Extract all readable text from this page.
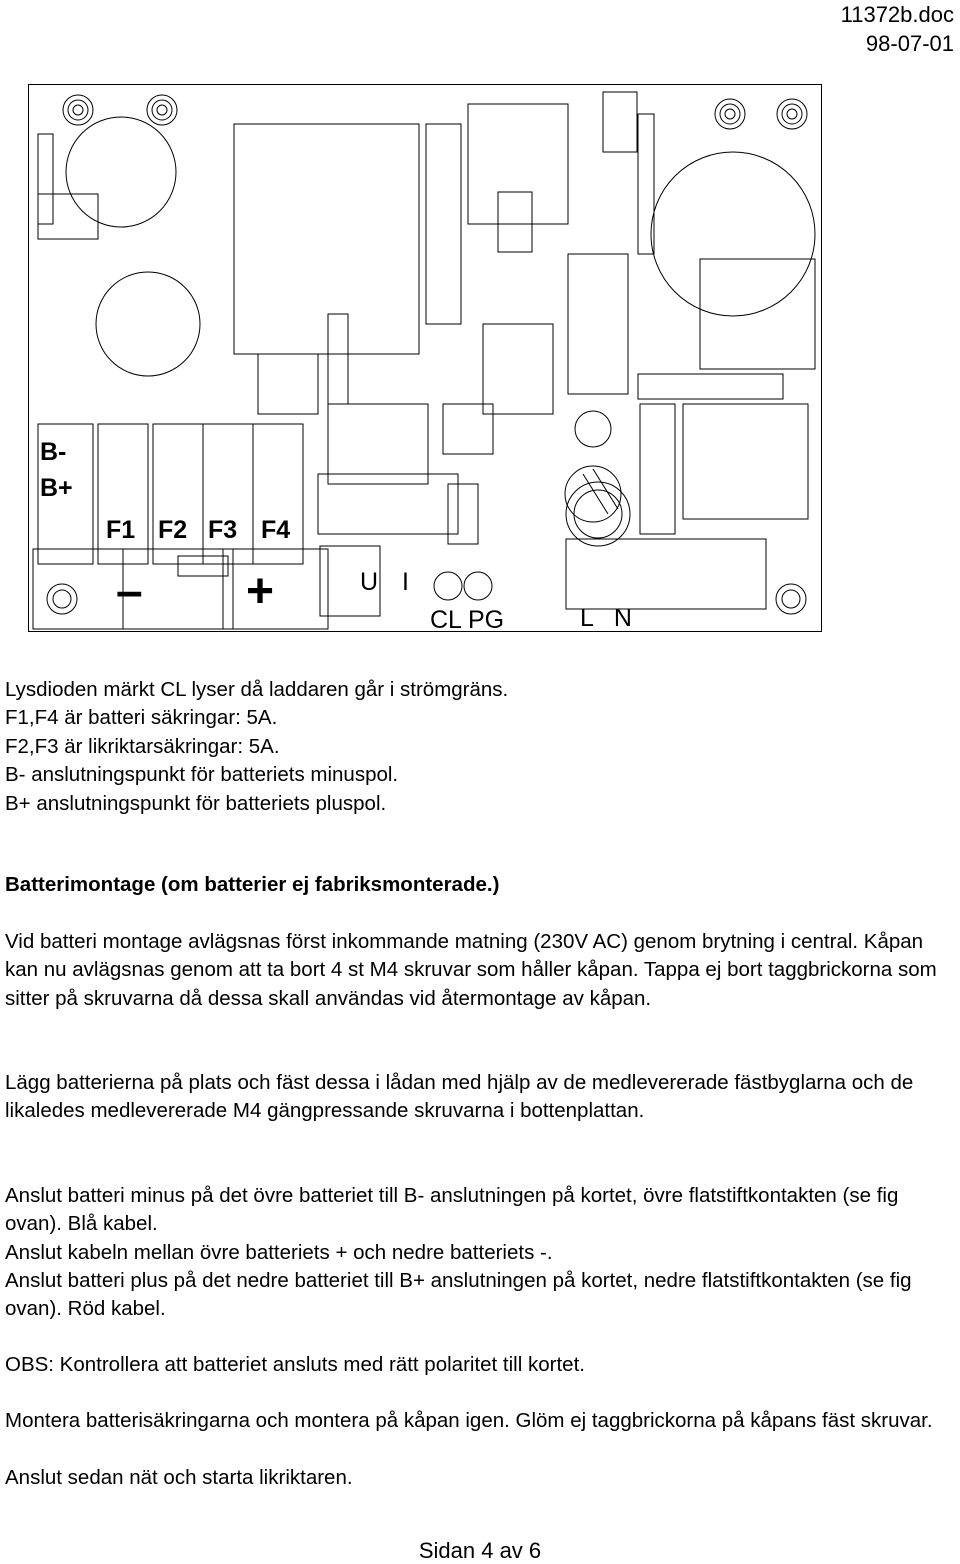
11372b.doc
98-07-01
B-
B+
F1 F2 F3 F4
– +	U I
CL PG	L   N

Lysdioden märkt CL lyser då laddaren går i strömgräns.

F1,F4 är batteri säkringar: 5A.

F2,F3 är likriktarsäkringar: 5A.

B- anslutningspunkt för batteriets minuspol.

B+ anslutningspunkt för batteriets pluspol.

Batterimontage (om batterier ej fabriksmonterade.)
Vid batteri montage avlägsnas först inkommande matning (230V AC) genom brytning i central. Kåpan kan nu avlägsnas genom att ta bort 4 st M4 skruvar som håller kåpan. Tappa ej bort taggbrickorna som sitter på skruvarna då dessa skall användas vid återmontage av kåpan.
Lägg batterierna på plats och fäst dessa i lådan med hjälp av de medlevererade fästbyglarna och de likaledes medlevererade M4 gängpressande skruvarna i bottenplattan.
Anslut batteri minus på det övre batteriet till B- anslutningen på kortet, övre flatstiftkontakten (se fig ovan). Blå kabel.
Anslut kabeln mellan övre batteriets + och nedre batteriets -.
Anslut batteri plus på det nedre batteriet till B+ anslutningen på kortet, nedre flatstiftkontakten (se fig ovan). Röd kabel.
OBS: Kontrollera att batteriet ansluts med rätt polaritet till kortet.
Montera batterisäkringarna och montera på kåpan igen. Glöm ej taggbrickorna på kåpans fäst skruvar.
Anslut sedan nät och starta likriktaren.
Sidan 4 av 6
